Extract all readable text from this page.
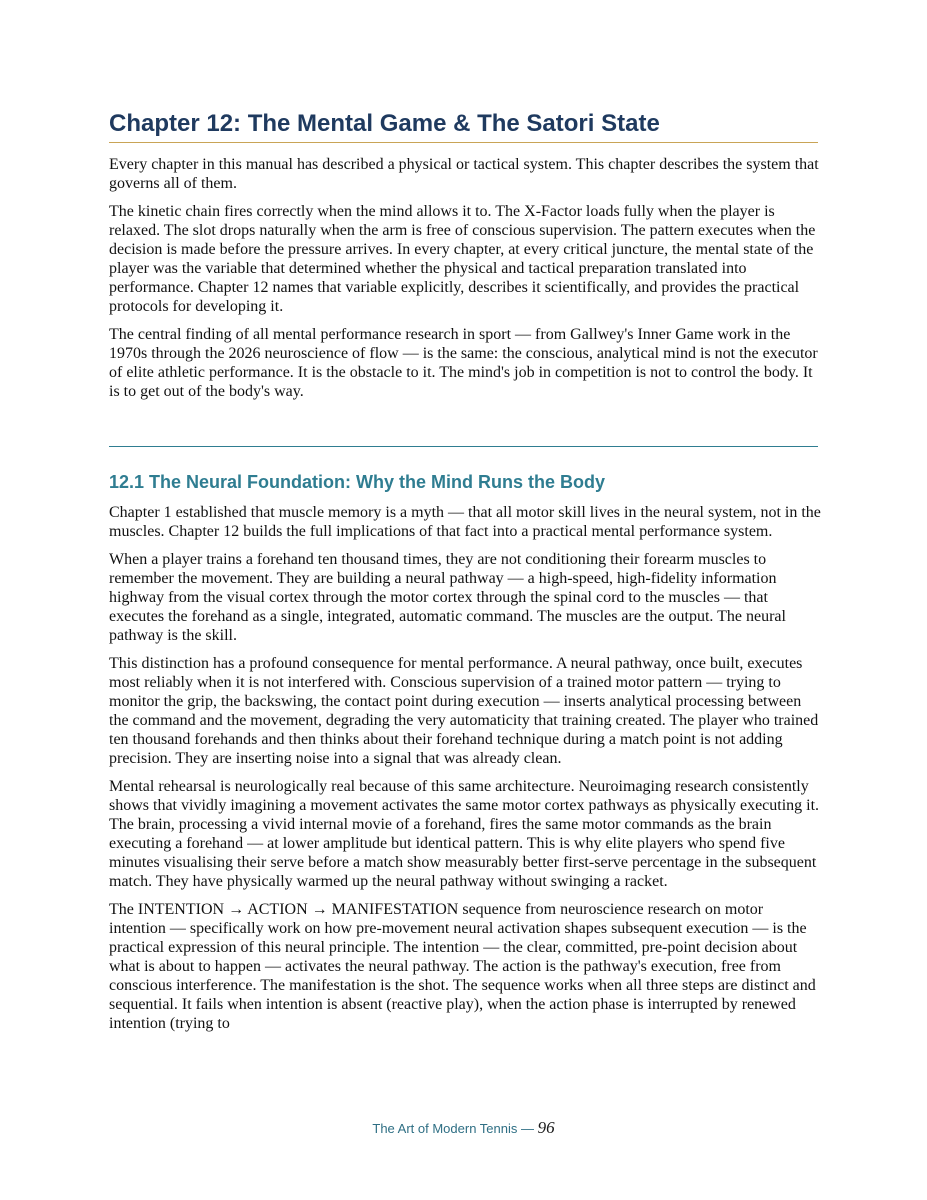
Chapter 12: The Mental Game & The Satori State

Every chapter in this manual has described a physical or tactical system. This chapter describes the system that governs all of them.

The kinetic chain fires correctly when the mind allows it to. The X-Factor loads fully when the player is relaxed. The slot drops naturally when the arm is free of conscious supervision. The pattern executes when the decision is made before the pressure arrives. In every chapter, at every critical juncture, the mental state of the player was the variable that determined whether the physical and tactical preparation translated into performance. Chapter 12 names that variable explicitly, describes it scientifically, and provides the practical protocols for developing it.

The central finding of all mental performance research in sport — from Gallwey's Inner Game work in the 1970s through the 2026 neuroscience of flow — is the same: the conscious, analytical mind is not the executor of elite athletic performance. It is the obstacle to it. The mind's job in competition is not to control the body. It is to get out of the body's way.

12.1 The Neural Foundation: Why the Mind Runs the Body

Chapter 1 established that muscle memory is a myth — that all motor skill lives in the neural system, not in the muscles. Chapter 12 builds the full implications of that fact into a practical mental performance system.

When a player trains a forehand ten thousand times, they are not conditioning their forearm muscles to remember the movement. They are building a neural pathway — a high-speed, high-fidelity information highway from the visual cortex through the motor cortex through the spinal cord to the muscles — that executes the forehand as a single, integrated, automatic command. The muscles are the output. The neural pathway is the skill.

This distinction has a profound consequence for mental performance. A neural pathway, once built, executes most reliably when it is not interfered with. Conscious supervision of a trained motor pattern — trying to monitor the grip, the backswing, the contact point during execution — inserts analytical processing between the command and the movement, degrading the very automaticity that training created. The player who trained ten thousand forehands and then thinks about their forehand technique during a match point is not adding precision. They are inserting noise into a signal that was already clean.

Mental rehearsal is neurologically real because of this same architecture. Neuroimaging research consistently shows that vividly imagining a movement activates the same motor cortex pathways as physically executing it. The brain, processing a vivid internal movie of a forehand, fires the same motor commands as the brain executing a forehand — at lower amplitude but identical pattern. This is why elite players who spend five minutes visualising their serve before a match show measurably better first-serve percentage in the subsequent match. They have physically warmed up the neural pathway without swinging a racket.

The INTENTION → ACTION → MANIFESTATION sequence from neuroscience research on motor intention — specifically work on how pre-movement neural activation shapes subsequent execution — is the practical expression of this neural principle. The intention — the clear, committed, pre-point decision about what is about to happen — activates the neural pathway. The action is the pathway's execution, free from conscious interference. The manifestation is the shot. The sequence works when all three steps are distinct and sequential. It fails when intention is absent (reactive play), when the action phase is interrupted by renewed intention (trying to

The Art of Modern Tennis — 96
